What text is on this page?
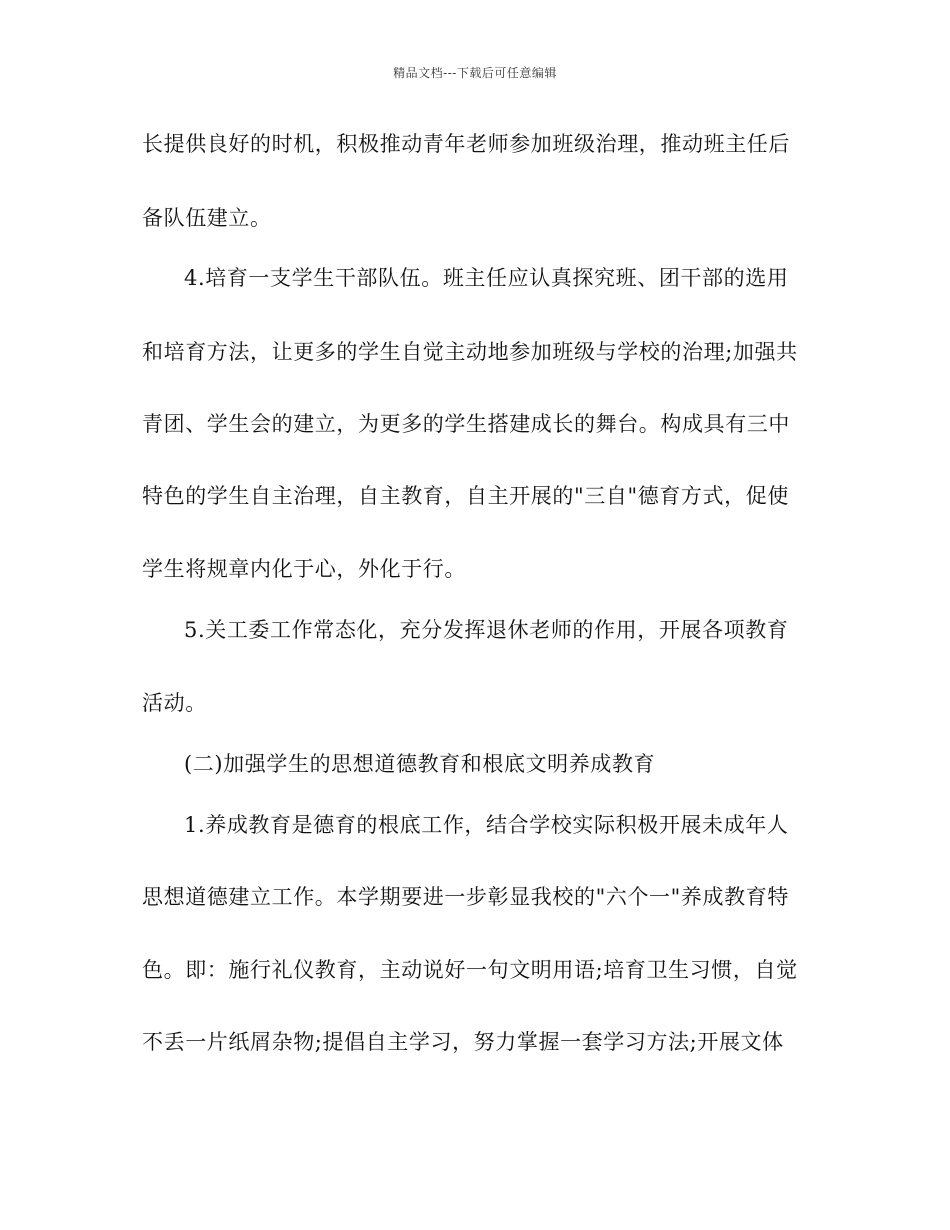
精品文档---下载后可任意编辑
长提供良好的时机，积极推动青年老师参加班级治理，推动班主任后
备队伍建立。
4.培育一支学生干部队伍。班主任应认真探究班、团干部的选用
和培育方法，让更多的学生自觉主动地参加班级与学校的治理;加强共
青团、学生会的建立，为更多的学生搭建成长的舞台。构成具有三中
特色的学生自主治理，自主教育，自主开展的"三自"德育方式，促使
学生将规章内化于心，外化于行。
5.关工委工作常态化，充分发挥退休老师的作用，开展各项教育
活动。
(二)加强学生的思想道德教育和根底文明养成教育
1.养成教育是德育的根底工作，结合学校实际积极开展未成年人
思想道德建立工作。本学期要进一步彰显我校的"六个一"养成教育特
色。即：施行礼仪教育，主动说好一句文明用语;培育卫生习惯，自觉
不丢一片纸屑杂物;提倡自主学习，努力掌握一套学习方法;开展文体
